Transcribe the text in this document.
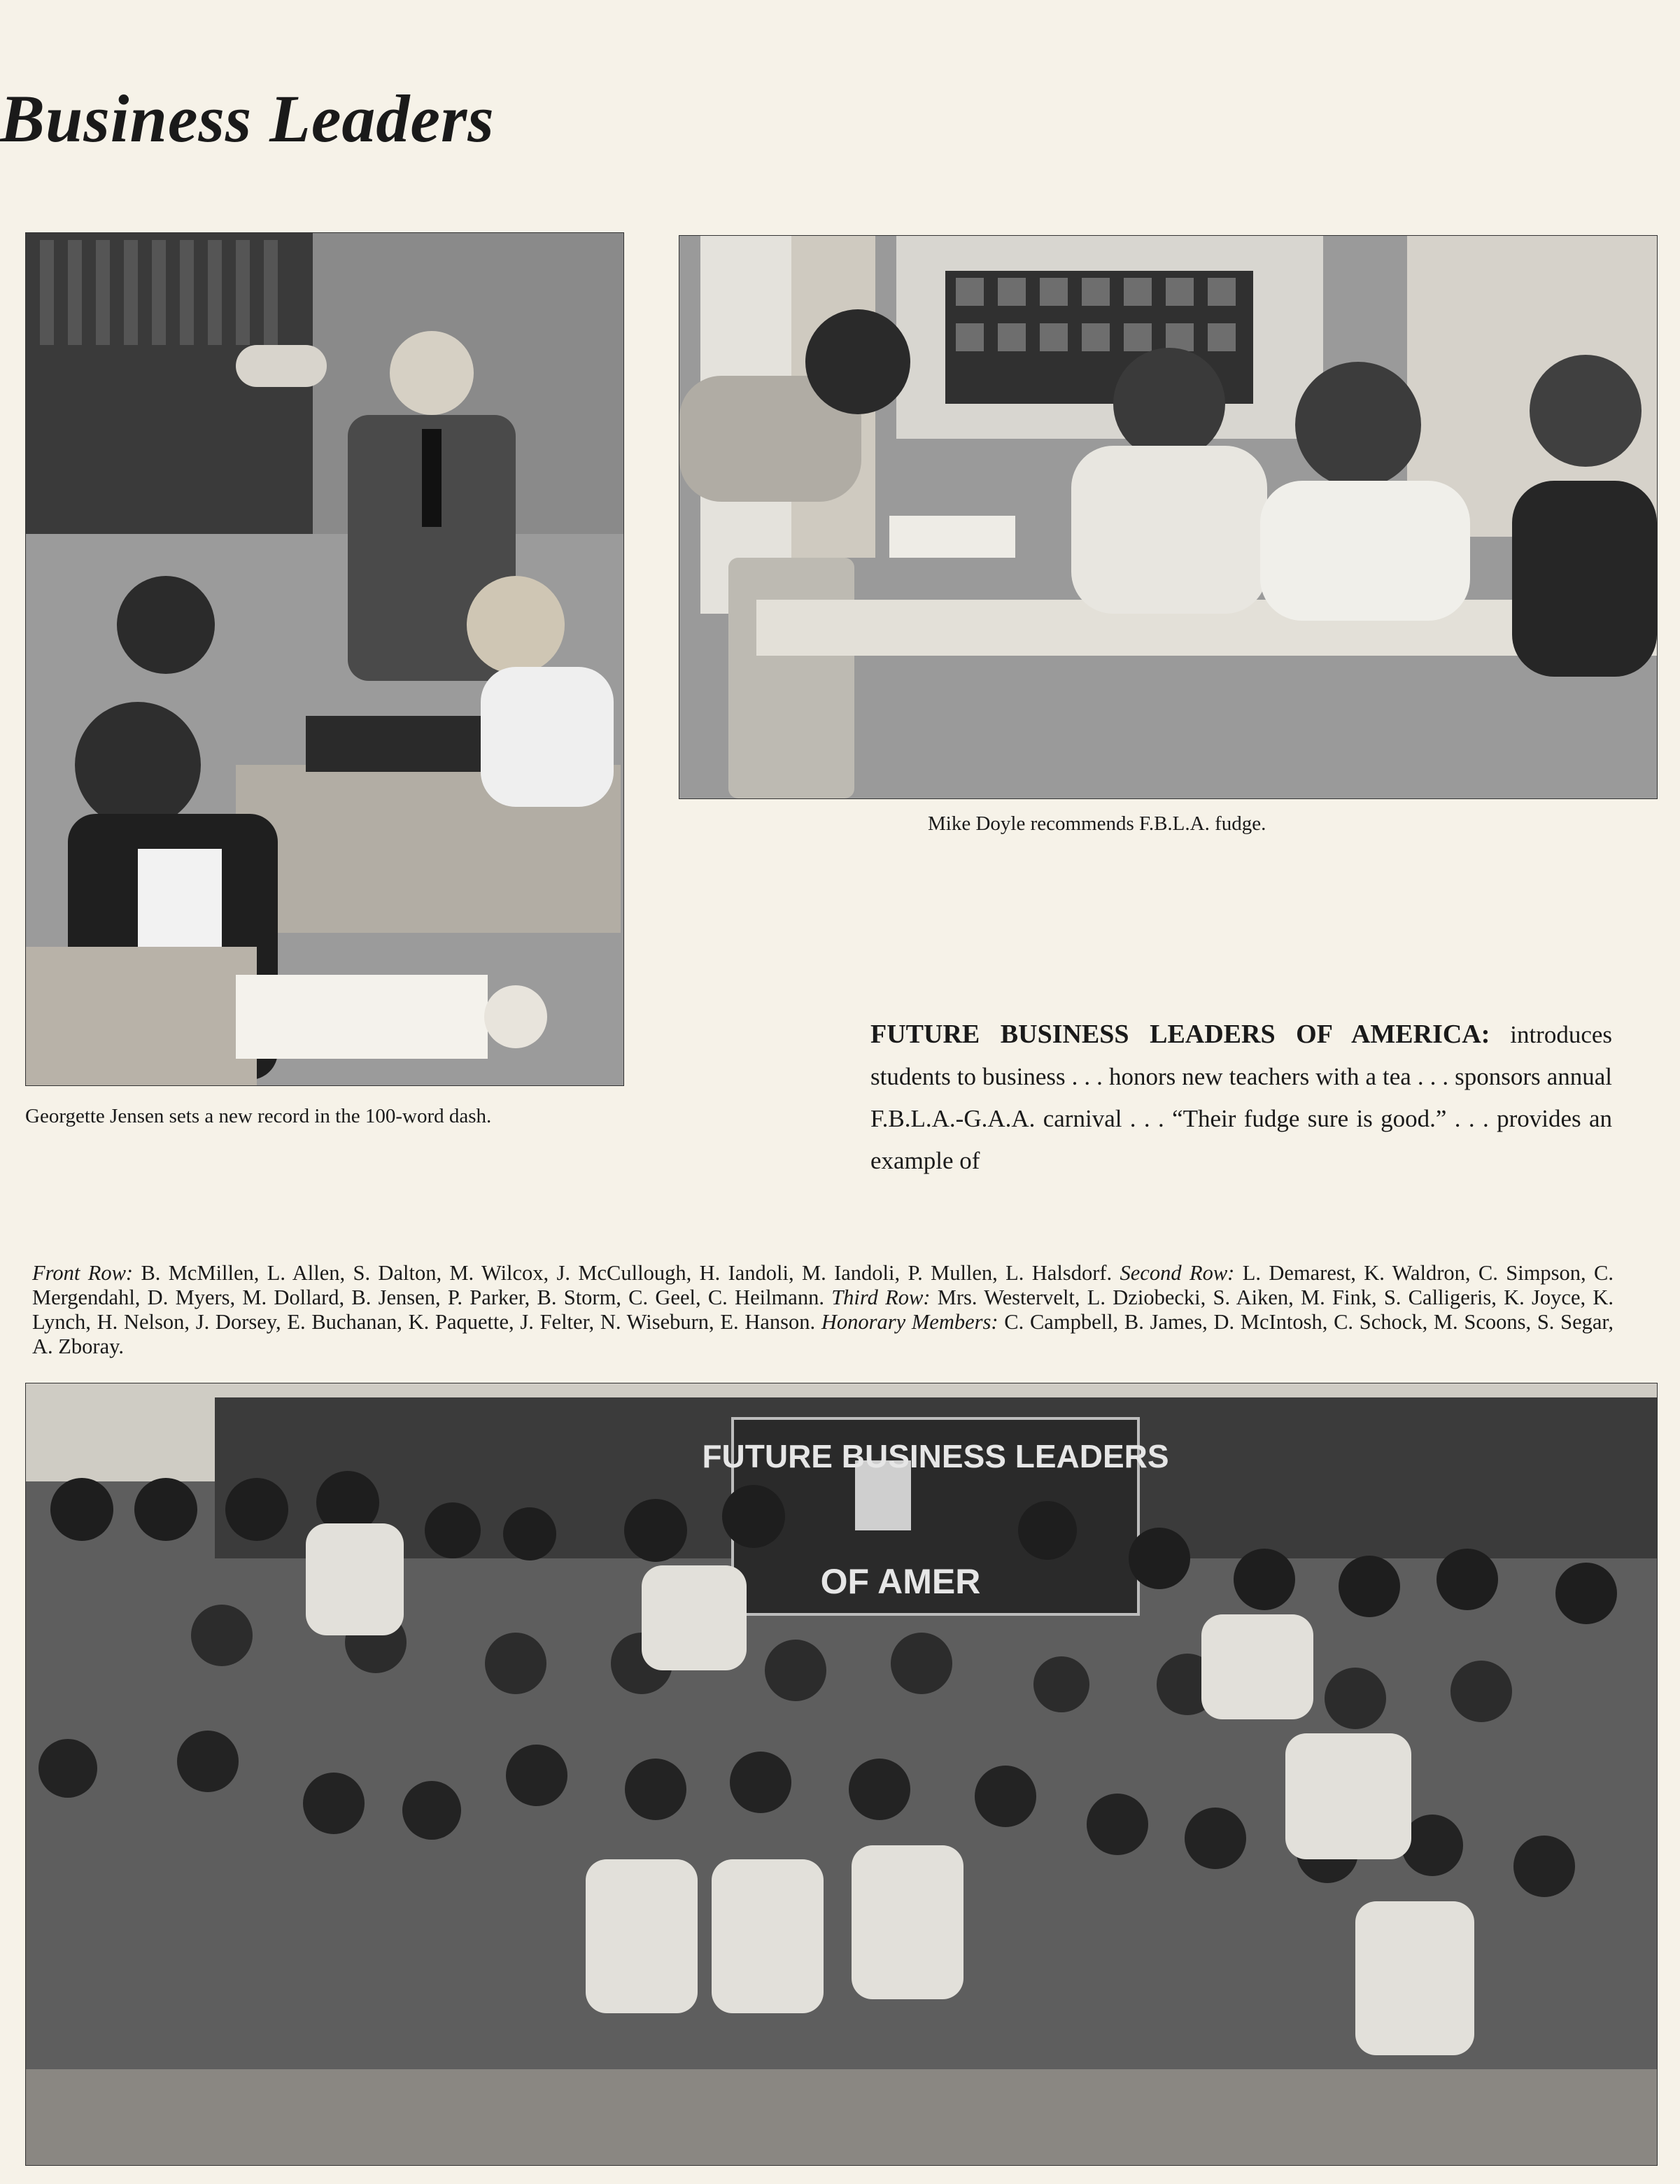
Business Leaders
Georgette Jensen sets a new record in the 100-word dash.
Mike Doyle recommends F.B.L.A. fudge.
FUTURE BUSINESS LEADERS OF AMERICA: introduces students to business . . . honors new teachers with a tea . . . sponsors annual F.B.L.A.-G.A.A. carnival . . . “Their fudge sure is good.” . . . provides an example of
Front Row: B. McMillen, L. Allen, S. Dalton, M. Wilcox, J. McCullough, H. Iandoli, M. Iandoli, P. Mullen, L. Halsdorf. Second Row: L. Demarest, K. Waldron, C. Simpson, C. Mergendahl, D. Myers, M. Dollard, B. Jensen, P. Parker, B. Storm, C. Geel, C. Heilmann. Third Row: Mrs. Westervelt, L. Dziobecki, S. Aiken, M. Fink, S. Calligeris, K. Joyce, K. Lynch, H. Nelson, J. Dorsey, E. Buchanan, K. Paquette, J. Felter, N. Wiseburn, E. Hanson. Honorary Members: C. Campbell, B. James, D. McIntosh, C. Schock, M. Scoons, S. Segar, A. Zboray.
FUTURE BUSINESS LEADERS
OF AMER
